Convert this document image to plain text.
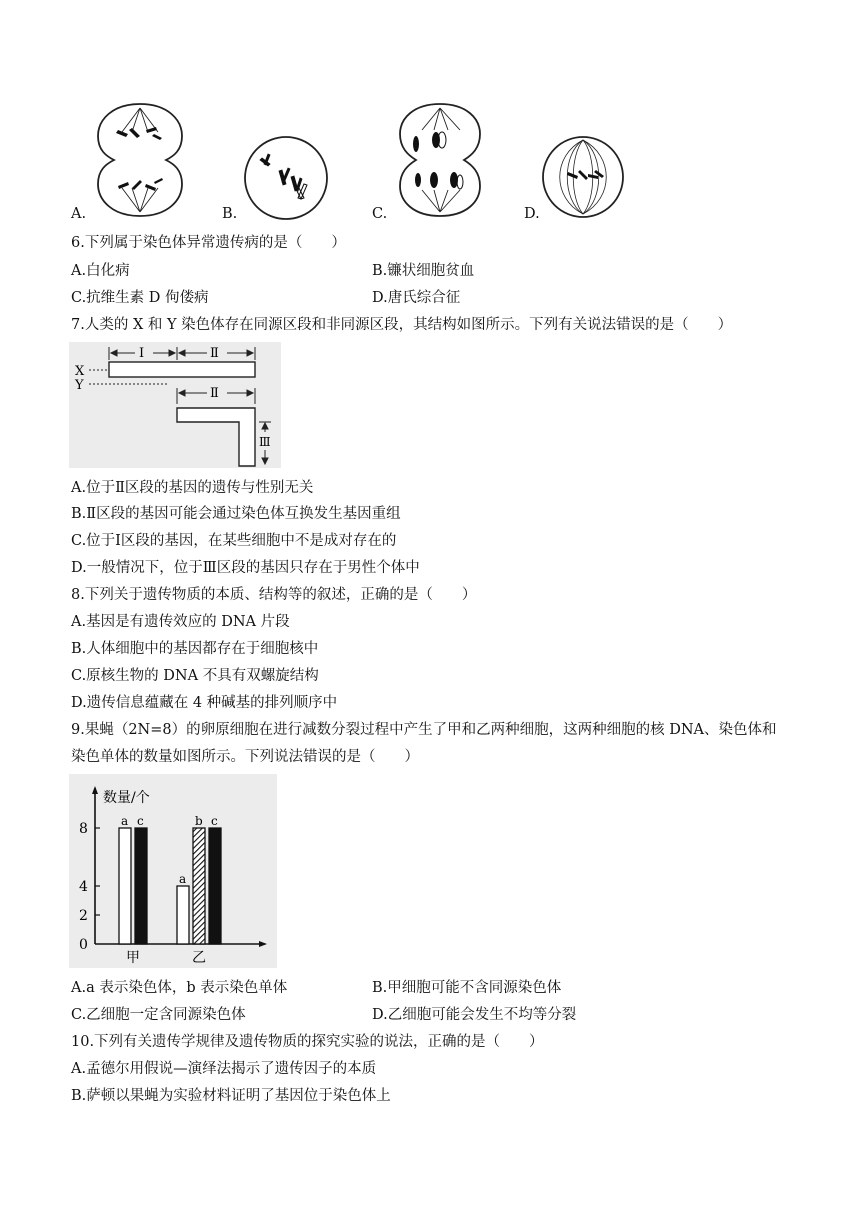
A.	B.	C.	D.
6.下列属于染色体异常遗传病的是（　　）
A.白化病	B.镰状细胞贫血
C.抗维生素 D 佝偻病	D.唐氏综合征
7.人类的 X 和 Y 染色体存在同源区段和非同源区段，其结构如图所示。下列有关说法错误的是（　　）
X
Y
Ⅰ	Ⅱ
Ⅱ
Ⅲ
A.位于Ⅱ区段的基因的遗传与性别无关
B.Ⅱ区段的基因可能会通过染色体互换发生基因重组
C.位于Ⅰ区段的基因，在某些细胞中不是成对存在的
D.一般情况下，位于Ⅲ区段的基因只存在于男性个体中
8.下列关于遗传物质的本质、结构等的叙述，正确的是（　　）
A.基因是有遗传效应的 DNA 片段
B.人体细胞中的基因都存在于细胞核中
C.原核生物的 DNA 不具有双螺旋结构
D.遗传信息蕴藏在 4 种碱基的排列顺序中
9.果蝇（2N=8）的卵原细胞在进行减数分裂过程中产生了甲和乙两种细胞，这两种细胞的核 DNA、染色体和
染色单体的数量如图所示。下列说法错误的是（　　）
数量/个
0
2
4
8	a c
甲
a
b c
乙
A.a 表示染色体，b 表示染色单体	B.甲细胞可能不含同源染色体
C.乙细胞一定含同源染色体	D.乙细胞可能会发生不均等分裂
10.下列有关遗传学规律及遗传物质的探究实验的说法，正确的是（　　）
A.孟德尔用假说—演绎法揭示了遗传因子的本质
B.萨顿以果蝇为实验材料证明了基因位于染色体上
